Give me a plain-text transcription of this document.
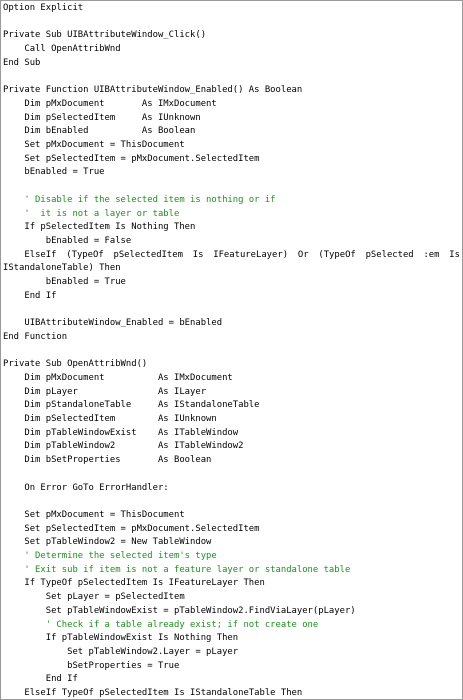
Option Explicit
Private Sub UIBAttributeWindow_Click()
Call OpenAttribWnd
End Sub
Private Function UIBAttributeWindow_Enabled() As Boolean
Dim pMxDocument       As IMxDocument
Dim pSelectedItem     As IUnknown
Dim bEnabled          As Boolean
Set pMxDocument = ThisDocument
Set pSelectedItem = pMxDocument.SelectedItem
bEnabled = True
' Disable if the selected item is nothing or if
'  it is not a layer or table
If pSelectedItem Is Nothing Then
bEnabled = False
ElseIf (TypeOf pSelectedItem Is IFeatureLayer) Or (TypeOf pSelected :em Is
IStandaloneTable) Then
bEnabled = True
End If
UIBAttributeWindow_Enabled = bEnabled
End Function
Private Sub OpenAttribWnd()
Dim pMxDocument          As IMxDocument
Dim pLayer               As ILayer
Dim pStandaloneTable     As IStandaloneTable
Dim pSelectedItem        As IUnknown
Dim pTableWindowExist    As ITableWindow
Dim pTableWindow2        As ITableWindow2
Dim bSetProperties       As Boolean
On Error GoTo ErrorHandler:
Set pMxDocument = ThisDocument
Set pSelectedItem = pMxDocument.SelectedItem
Set pTableWindow2 = New TableWindow
' Determine the selected item's type
' Exit sub if item is not a feature layer or standalone table
If TypeOf pSelectedItem Is IFeatureLayer Then
Set pLayer = pSelectedItem
Set pTableWindowExist = pTableWindow2.FindViaLayer(pLayer)
' Check if a table already exist; if not create one
If pTableWindowExist Is Nothing Then
Set pTableWindow2.Layer = pLayer
bSetProperties = True
End If
ElseIf TypeOf pSelectedItem Is IStandaloneTable Then
